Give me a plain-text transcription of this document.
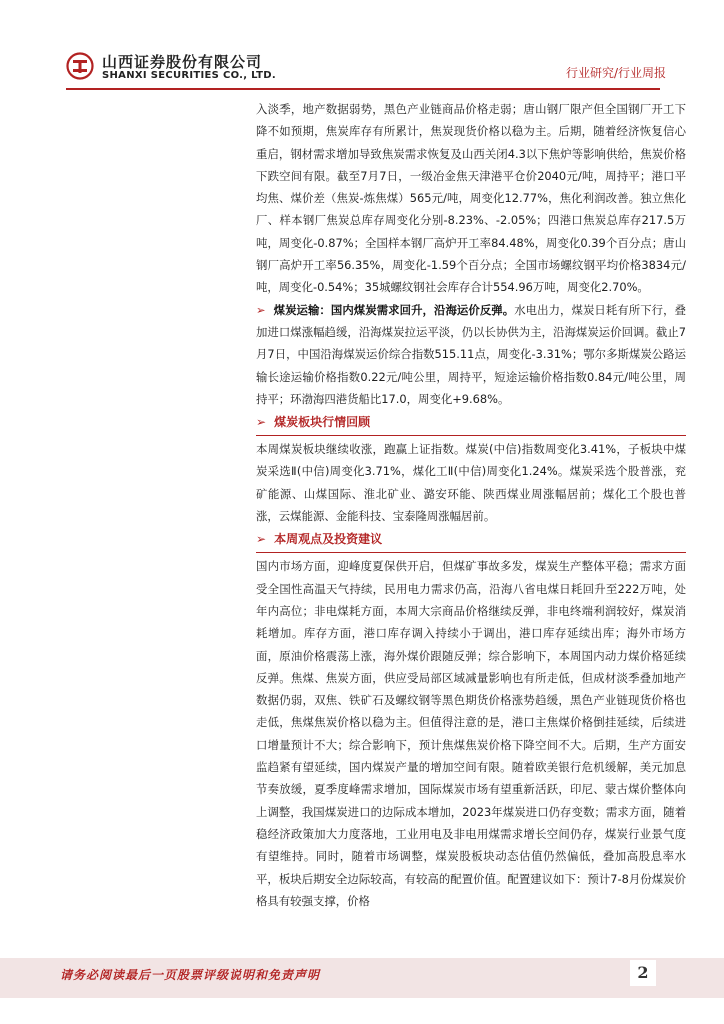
山西证券股份有限公司
SHANXI SECURITIES CO., LTD.	行业研究/行业周报

入淡季，地产数据弱势，黑色产业链商品价格走弱；唐山钢厂限产但全国钢厂开工下降不如预期，焦炭库存有所累计，焦炭现货价格以稳为主。后期，随着经济恢复信心重启，钢材需求增加导致焦炭需求恢复及山西关闭4.3以下焦炉等影响供给，焦炭价格下跌空间有限。截至7月7日，一级冶金焦天津港平仓价2040元/吨，周持平；港口平均焦、煤价差（焦炭-炼焦煤）565元/吨，周变化12.77%，焦化利润改善。独立焦化厂、样本钢厂焦炭总库存周变化分别-8.23%、-2.05%；四港口焦炭总库存217.5万吨，周变化-0.87%；全国样本钢厂高炉开工率84.48%，周变化0.39个百分点；唐山钢厂高炉开工率56.35%，周变化-1.59个百分点；全国市场螺纹钢平均价格3834元/吨，周变化-0.54%；35城螺纹钢社会库存合计554.96万吨，周变化2.70%。

➢ 煤炭运输：国内煤炭需求回升，沿海运价反弹。水电出力，煤炭日耗有所下行，叠加进口煤涨幅趋缓，沿海煤炭拉运平淡，仍以长协供为主，沿海煤炭运价回调。截止7月7日，中国沿海煤炭运价综合指数515.11点，周变化-3.31%；鄂尔多斯煤炭公路运输长途运输价格指数0.22元/吨公里，周持平，短途运输价格指数0.84元/吨公里，周持平；环渤海四港货船比17.0，周变化+9.68%。

➢ 煤炭板块行情回顾

本周煤炭板块继续收涨，跑赢上证指数。煤炭(中信)指数周变化3.41%，子板块中煤炭采选Ⅱ(中信)周变化3.71%，煤化工Ⅱ(中信)周变化1.24%。煤炭采选个股普涨，兖矿能源、山煤国际、淮北矿业、潞安环能、陕西煤业周涨幅居前；煤化工个股也普涨，云煤能源、金能科技、宝泰隆周涨幅居前。

➢ 本周观点及投资建议

国内市场方面，迎峰度夏保供开启，但煤矿事故多发，煤炭生产整体平稳；需求方面受全国性高温天气持续，民用电力需求仍高，沿海八省电煤日耗回升至222万吨，处年内高位；非电煤耗方面，本周大宗商品价格继续反弹，非电终端利润较好，煤炭消耗增加。库存方面，港口库存调入持续小于调出，港口库存延续出库；海外市场方面，原油价格震荡上涨，海外煤价跟随反弹；综合影响下，本周国内动力煤价格延续反弹。焦煤、焦炭方面，供应受局部区域减量影响也有所走低，但成材淡季叠加地产数据仍弱，双焦、铁矿石及螺纹钢等黑色期货价格涨势趋缓，黑色产业链现货价格也走低，焦煤焦炭价格以稳为主。但值得注意的是，港口主焦煤价格倒挂延续，后续进口增量预计不大；综合影响下，预计焦煤焦炭价格下降空间不大。后期，生产方面安监趋紧有望延续，国内煤炭产量的增加空间有限。随着欧美银行危机缓解，美元加息节奏放缓，夏季度峰需求增加，国际煤炭市场有望重新活跃，印尼、蒙古煤价整体向上调整，我国煤炭进口的边际成本增加，2023年煤炭进口仍存变数；需求方面，随着稳经济政策加大力度落地，工业用电及非电用煤需求增长空间仍存，煤炭行业景气度有望维持。同时，随着市场调整，煤炭股板块动态估值仍然偏低，叠加高股息率水平，板块后期安全边际较高，有较高的配置价值。配置建议如下：预计7-8月份煤炭价格具有较强支撑，价格

请务必阅读最后一页股票评级说明和免责声明	2
